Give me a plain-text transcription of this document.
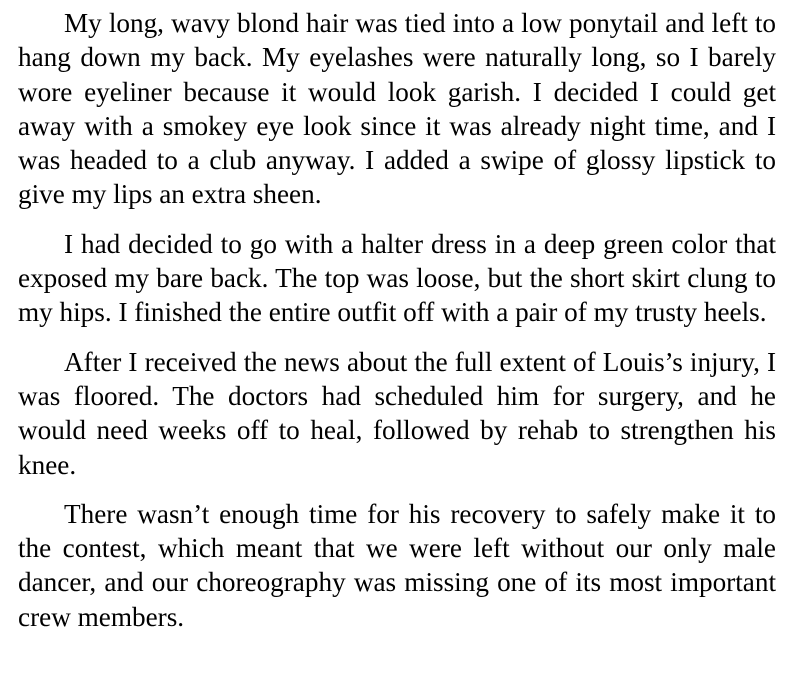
My long, wavy blond hair was tied into a low ponytail and left to hang down my back. My eyelashes were naturally long, so I barely wore eyeliner because it would look garish. I decided I could get away with a smokey eye look since it was already night time, and I was headed to a club anyway. I added a swipe of glossy lipstick to give my lips an extra sheen.

I had decided to go with a halter dress in a deep green color that exposed my bare back. The top was loose, but the short skirt clung to my hips. I finished the entire outfit off with a pair of my trusty heels.

After I received the news about the full extent of Louis’s injury, I was floored. The doctors had scheduled him for surgery, and he would need weeks off to heal, followed by rehab to strengthen his knee.

There wasn’t enough time for his recovery to safely make it to the contest, which meant that we were left without our only male dancer, and our choreography was missing one of its most important crew members.
